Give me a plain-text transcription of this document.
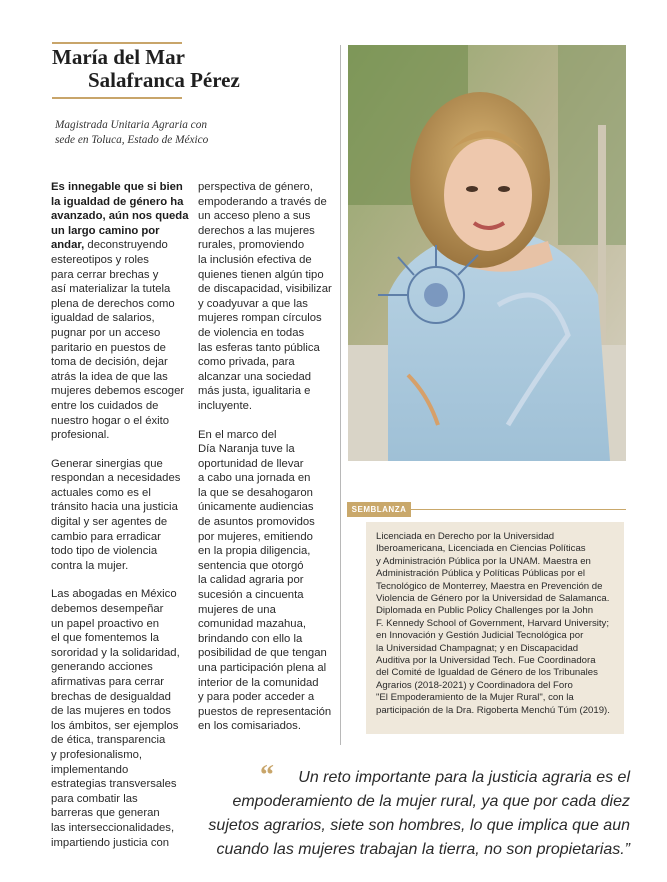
María del Mar
Salafranca Pérez

Magistrada Unitaria Agraria con
sede en Toluca, Estado de México

Es innegable que si bien
la igualdad de género ha
avanzado, aún nos queda
un largo camino por
andar, deconstruyendo
estereotipos y roles
para cerrar brechas y
así materializar la tutela
plena de derechos como
igualdad de salarios,
pugnar por un acceso
paritario en puestos de
toma de decisión, dejar
atrás la idea de que las
mujeres debemos escoger
entre los cuidados de
nuestro hogar o el éxito
profesional.

Generar sinergias que
respondan a necesidades
actuales como es el
tránsito hacia una justicia
digital y ser agentes de
cambio para erradicar
todo tipo de violencia
contra la mujer.

Las abogadas en México
debemos desempeñar
un papel proactivo en
el que fomentemos la
sororidad y la solidaridad,
generando acciones
afirmativas para cerrar
brechas de desigualdad
de las mujeres en todos
los ámbitos, ser ejemplos
de ética, transparencia
y profesionalismo,
implementando
estrategias transversales
para combatir las
barreras que generan
las interseccionalidades,
impartiendo justicia con

perspectiva de género,
empoderando a través de
un acceso pleno a sus
derechos a las mujeres
rurales, promoviendo
la inclusión efectiva de
quienes tienen algún tipo
de discapacidad, visibilizar
y coadyuvar a que las
mujeres rompan círculos
de violencia en todas
las esferas tanto pública
como privada, para
alcanzar una sociedad
más justa, igualitaria e
incluyente.

En el marco del
Día Naranja tuve la
oportunidad de llevar
a cabo una jornada en
la que se desahogaron
únicamente audiencias
de asuntos promovidos
por mujeres, emitiendo
en la propia diligencia,
sentencia que otorgó
la calidad agraria por
sucesión a cincuenta
mujeres de una
comunidad mazahua,
brindando con ello la
posibilidad de que tengan
una participación plena al
interior de la comunidad
y para poder acceder a
puestos de representación
en los comisariados.

SEMBLANZA
Licenciada en Derecho por la Universidad
Iberoamericana, Licenciada en Ciencias Políticas
y Administración Pública por la UNAM. Maestra en
Administración Pública y Políticas Públicas por el
Tecnológico de Monterrey, Maestra en Prevención de
Violencia de Género por la Universidad de Salamanca.
Diplomada en Public Policy Challenges por la John
F. Kennedy School of Government, Harvard University;
en Innovación y Gestión Judicial Tecnológica por
la Universidad Champagnat; y en Discapacidad
Auditiva por la Universidad Tech. Fue Coordinadora
del Comité de Igualdad de Género de los Tribunales
Agrarios (2018-2021) y Coordinadora del Foro
"El Empoderamiento de la Mujer Rural", con la
participación de la Dra. Rigoberta Menchú Túm (2019).
“	Un reto importante para la justicia agraria es el
empoderamiento de la mujer rural, ya que por cada diez
sujetos agrarios, siete son hombres, lo que implica que aun
cuando las mujeres trabajan la tierra, no son propietarias.”
